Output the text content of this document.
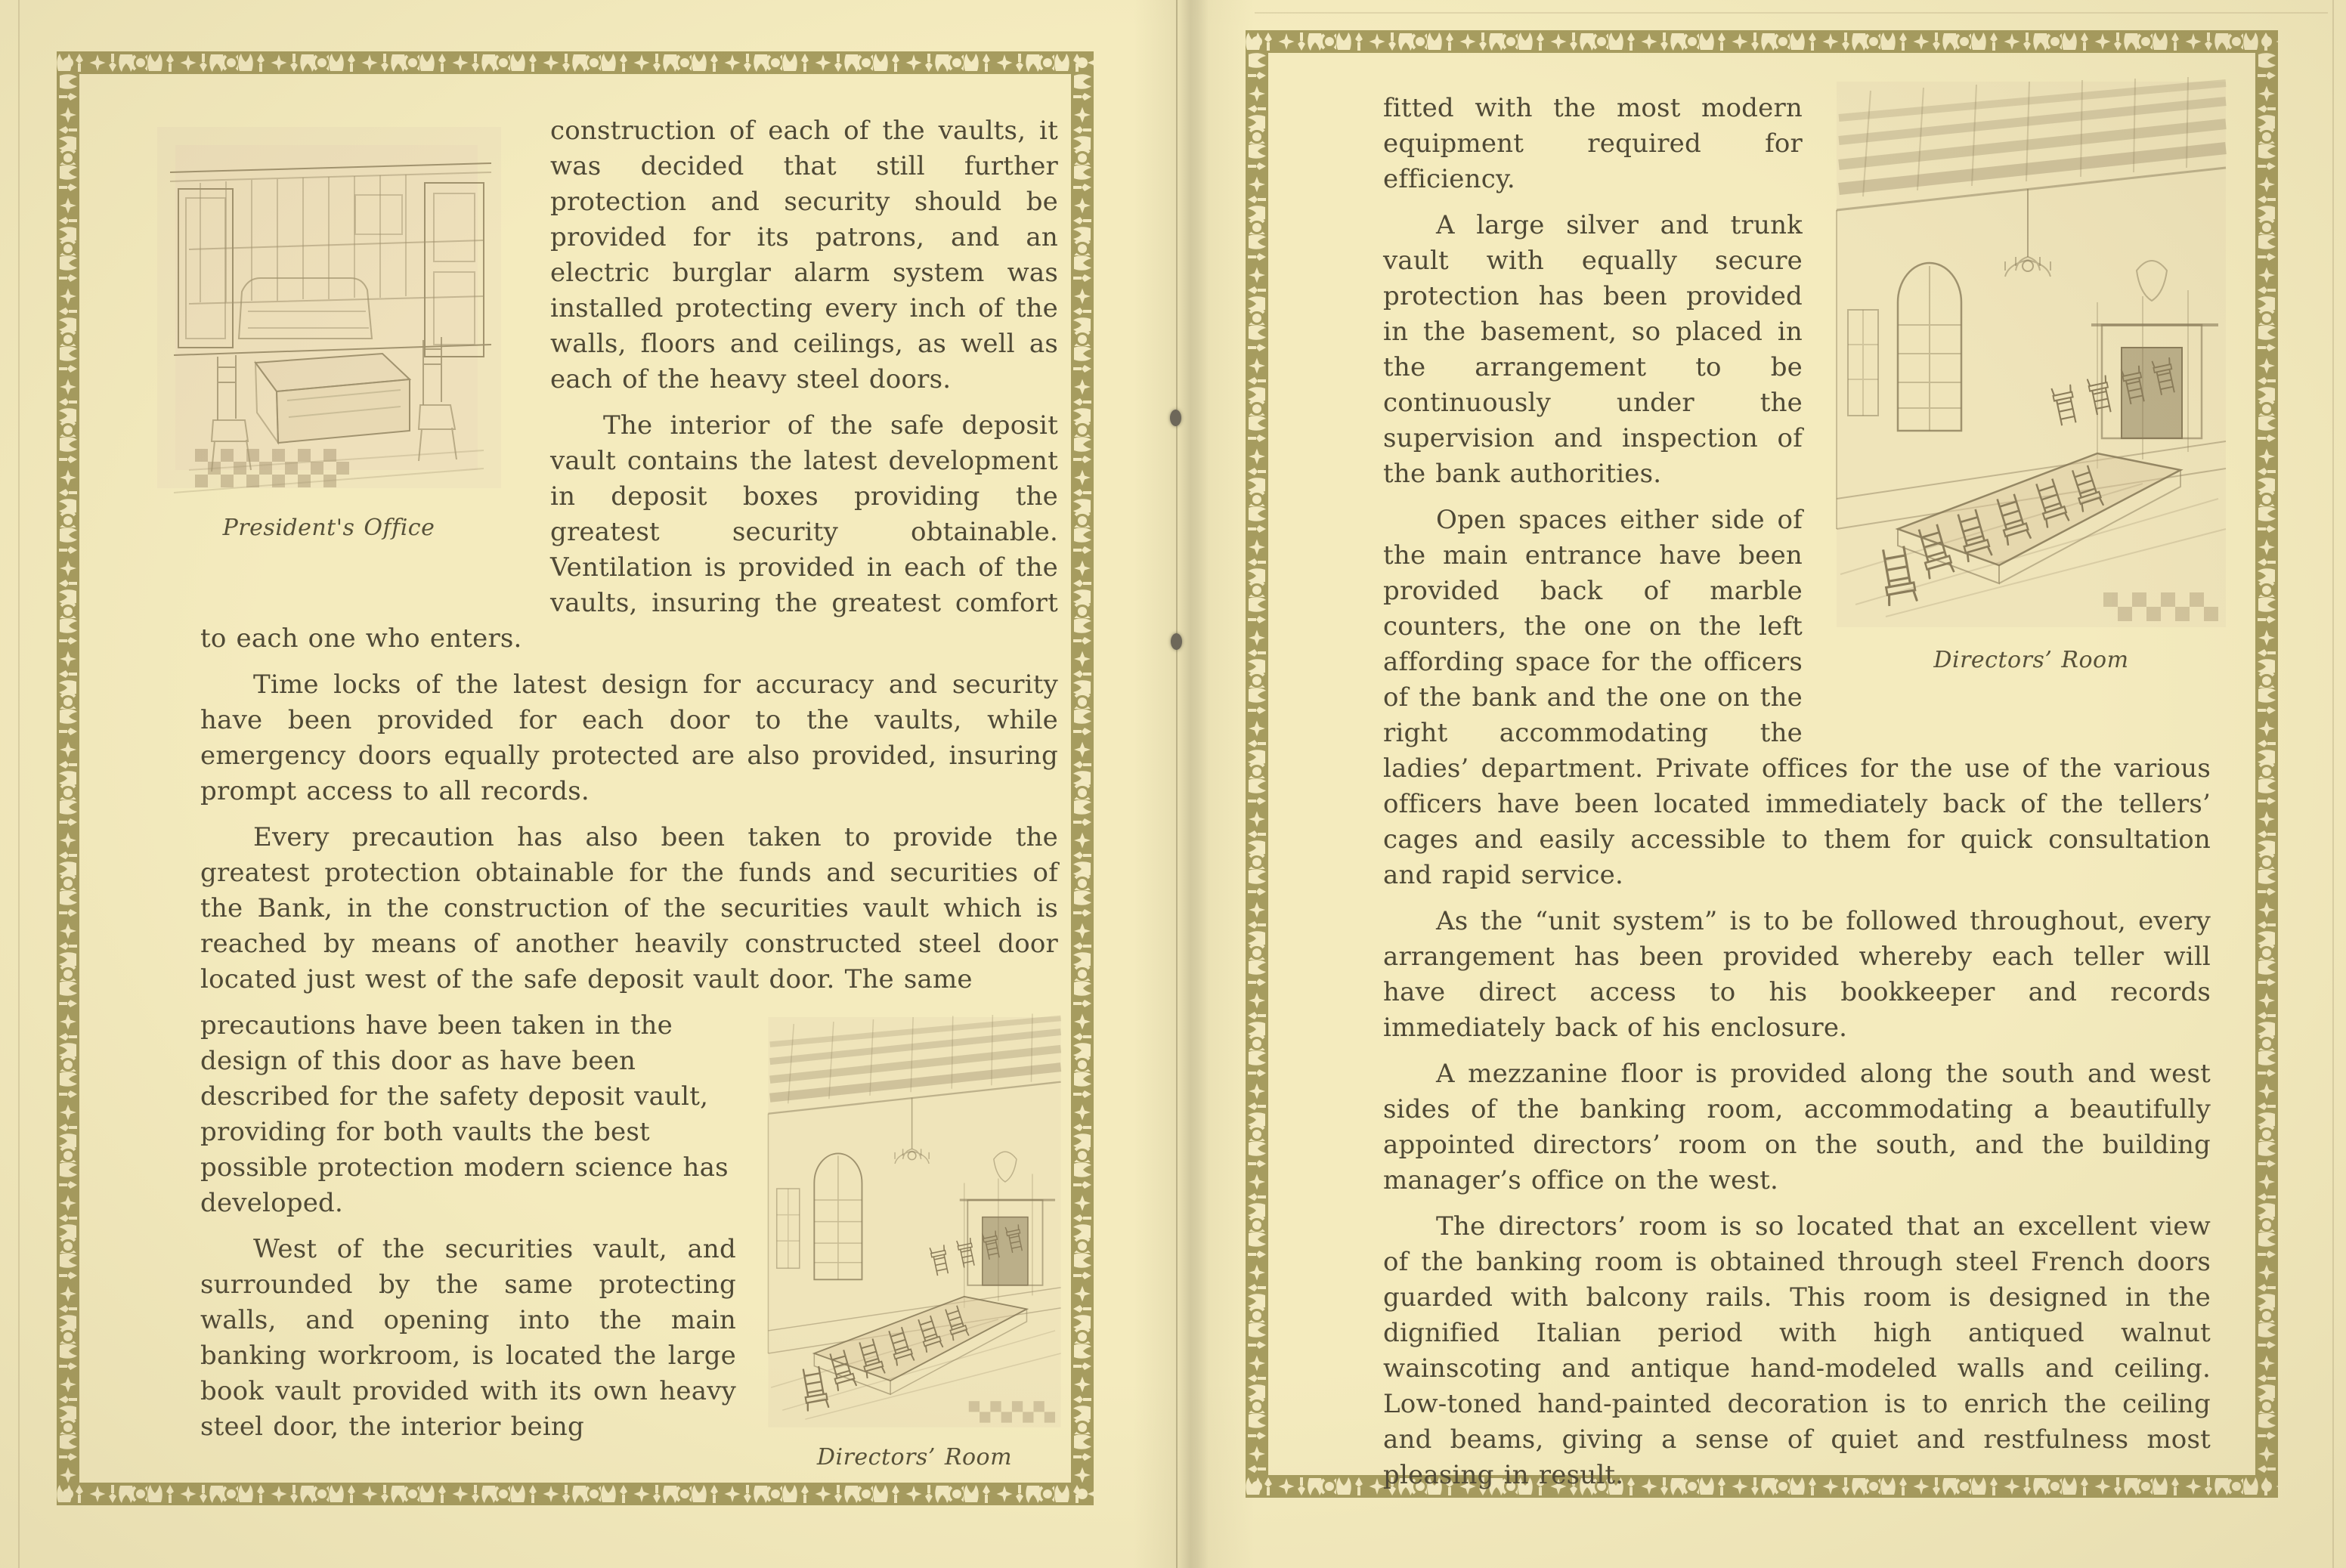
President's Office

construction of each of the vaults, it was decided that still further protection and security should be provided for its patrons, and an electric burglar alarm system was installed protecting every inch of the walls, floors and ceilings, as well as each of the heavy steel doors.

The interior of the safe deposit vault contains the latest development in deposit boxes providing the greatest security obtainable. Ventilation is provided in each of the vaults, insuring the greatest comfort to each one who enters.

Time locks of the latest design for accuracy and security have been provided for each door to the vaults, while emergency doors equally protected are also provided, insuring prompt access to all records.

Every precaution has also been taken to provide the greatest protection obtainable for the funds and securities of the Bank, in the construction of the securities vault which is reached by means of another heavily constructed steel door located just west of the safe deposit vault door. The same

Directors’ Room
precautions have been taken in the design of this door as have been described for the safety deposit vault, providing for both vaults the best possible protection modern science has developed.

West of the securities vault, and surrounded by the same protecting walls, and opening into the main banking workroom, is located the large book vault provided with its own heavy steel door, the interior being

Directors’ Room

fitted with the most modern equipment required for efficiency.

A large silver and trunk vault with equally secure protection has been provided in the basement, so placed in the arrangement to be continuously under the supervision and inspection of the bank authorities.

Open spaces either side of the main entrance have been provided back of marble counters, the one on the left affording space for the officers of the bank and the one on the right accommodating the ladies’ department. Private offices for the use of the various officers have been located immediately back of the tellers’ cages and easily accessible to them for quick consultation and rapid service.

As the “unit system” is to be followed throughout, every arrangement has been provided whereby each teller will have direct access to his bookkeeper and records immediately back of his enclosure.

A mezzanine floor is provided along the south and west sides of the banking room, accommodating a beautifully appointed directors’ room on the south, and the building manager’s office on the west.

The directors’ room is so located that an excellent view of the banking room is obtained through steel French doors guarded with balcony rails. This room is designed in the dignified Italian period with high antiqued walnut wainscoting and antique hand-modeled walls and ceiling. Low-toned hand-painted decoration is to enrich the ceiling and beams, giving a sense of quiet and restfulness most pleasing in result.
